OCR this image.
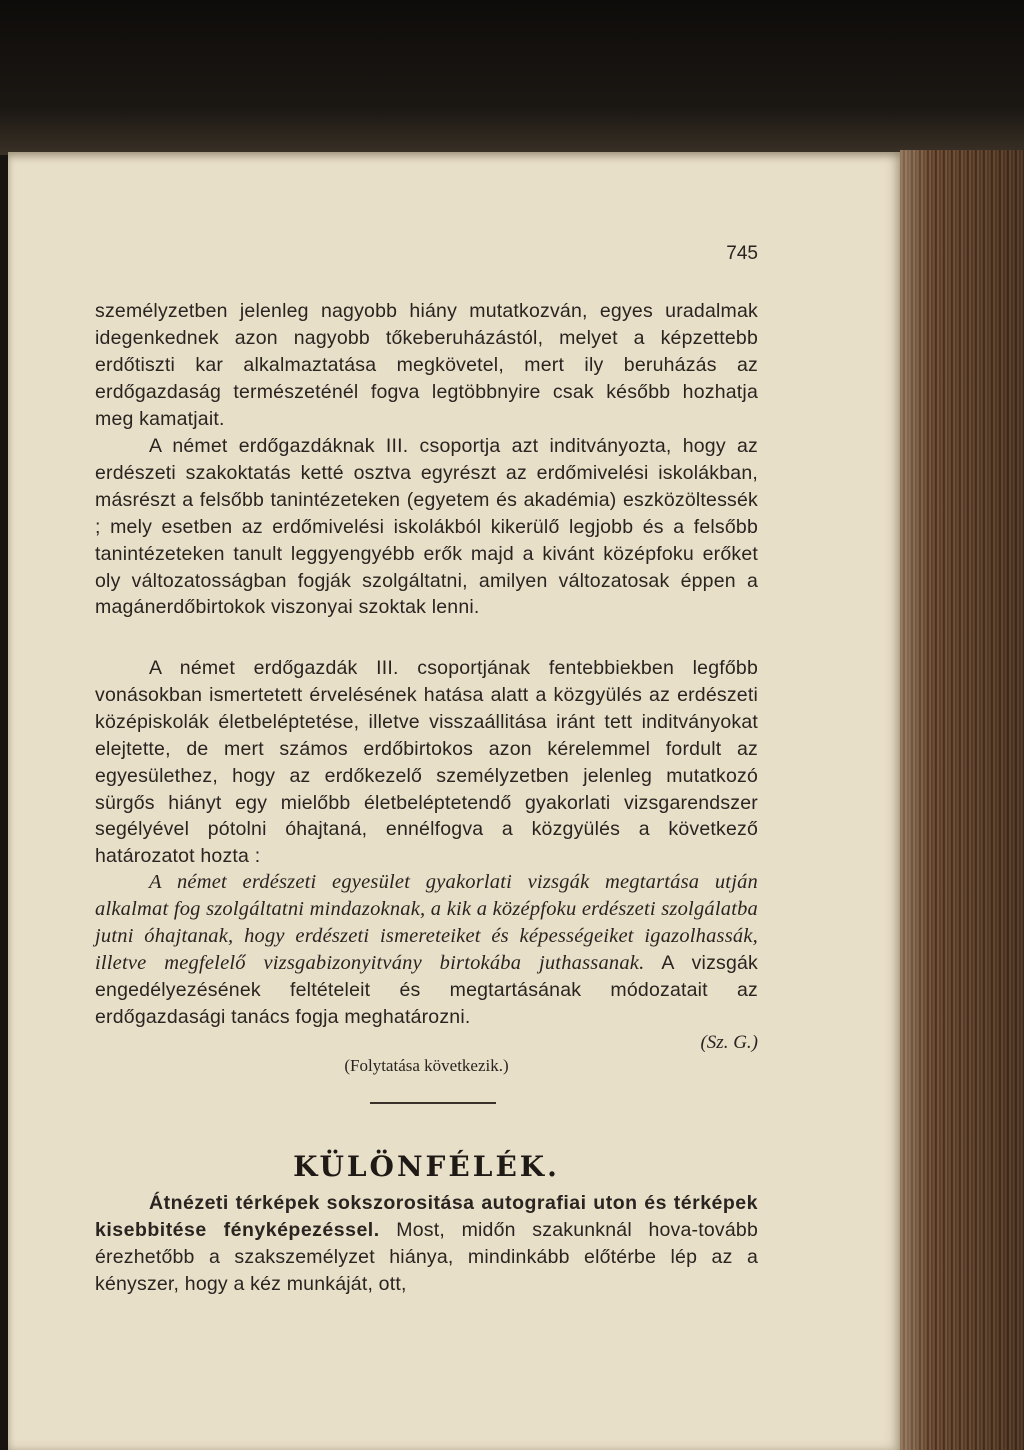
745

személyzetben jelenleg nagyobb hiány mutatkozván, egyes uradalmak idegenkednek azon nagyobb tőkeberuházástól, melyet a képzettebb erdőtiszti kar alkalmaztatása megkövetel, mert ily beruházás az erdőgazdaság természeténél fogva legtöbbnyire csak később hozhatja meg kamatjait.

A német erdőgazdáknak III. csoportja azt inditványozta, hogy az erdészeti szakoktatás ketté osztva egyrészt az erdőmivelési iskolákban, másrészt a felsőbb tanintézeteken (egyetem és akadémia) eszközöltessék ; mely esetben az erdőmivelési iskolákból kikerülő legjobb és a felsőbb tanintézeteken tanult leggyengyébb erők majd a kivánt középfoku erőket oly változatosságban fogják szolgáltatni, amilyen változatosak éppen a magánerdőbirtokok viszonyai szoktak lenni.

A német erdőgazdák III. csoportjának fentebbiekben legfőbb vonásokban ismertetett érvelésének hatása alatt a közgyülés az erdészeti középiskolák életbeléptetése, illetve visszaállitása iránt tett inditványokat elejtette, de mert számos erdőbirtokos azon kérelemmel fordult az egyesülethez, hogy az erdőkezelő személyzetben jelenleg mutatkozó sürgős hiányt egy mielőbb életbeléptetendő gyakorlati vizsgarendszer segélyével pótolni óhajtaná, ennélfogva a közgyülés a következő határozatot hozta :

A német erdészeti egyesület gyakorlati vizsgák megtartása utján alkalmat fog szolgáltatni mindazoknak, a kik a középfoku erdészeti szolgálatba jutni óhajtanak, hogy erdészeti ismereteiket és képességeiket igazolhassák, illetve megfelelő vizsgabizonyitvány birtokába juthassanak. A vizsgák engedélyezésének feltételeit és megtartásának módozatait az erdőgazdasági tanács fogja meghatározni.

(Sz. G.)
(Folytatása következik.)
KÜLÖNFÉLÉK.

Átnézeti térképek sokszorositása autografiai uton és térképek kisebbitése fényképezéssel. Most, midőn szakunknál hova-tovább érezhetőbb a szakszemélyzet hiánya, mindinkább előtérbe lép az a kényszer, hogy a kéz munkáját, ott,
